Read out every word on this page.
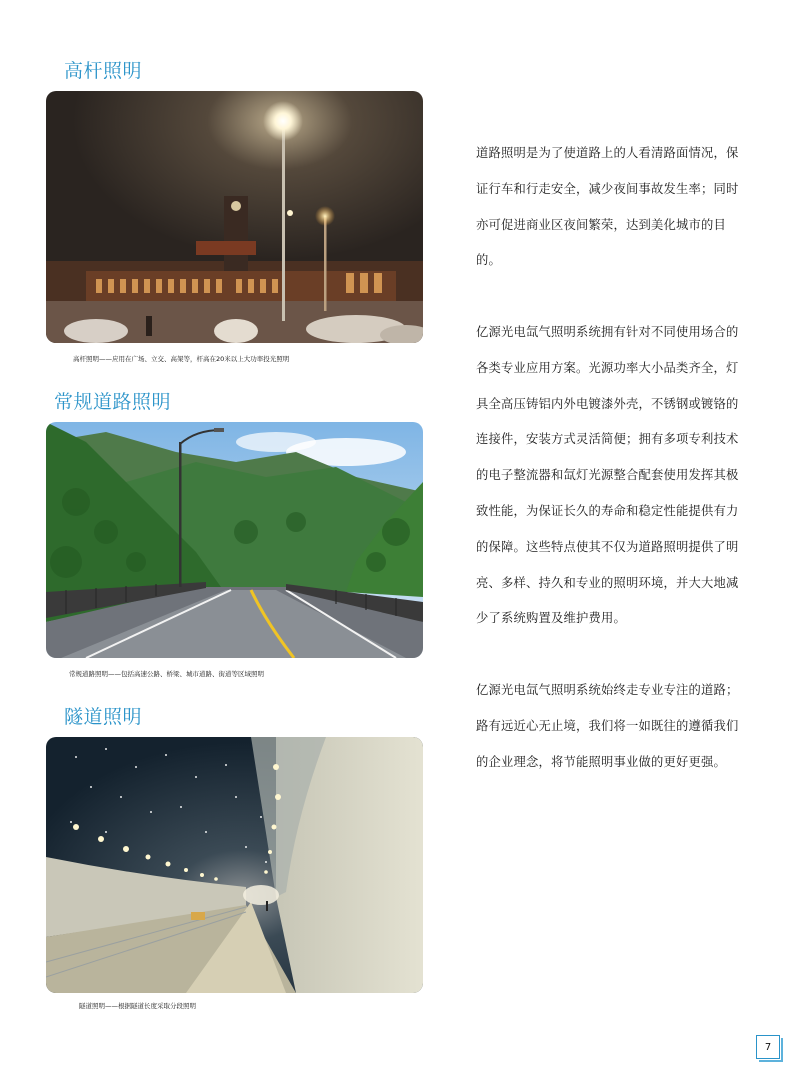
高杆照明
高杆照明——应用在广场、立交、高架等，杆高在20米以上大功率投光照明
常规道路照明
常规道路照明——包括高速公路、桥梁、城市道路、街道等区域照明
隧道照明
隧道照明——根据隧道长度采取分段照明
道路照明是为了使道路上的人看清路面情况，保
证行车和行走安全，减少夜间事故发生率；同时
亦可促进商业区夜间繁荣，达到美化城市的目
的。
亿源光电氙气照明系统拥有针对不同使用场合的
各类专业应用方案。光源功率大小品类齐全，灯
具全高压铸铝内外电镀漆外壳，不锈钢或镀铬的
连接件，安装方式灵活简便；拥有多项专利技术
的电子整流器和氙灯光源整合配套使用发挥其极
致性能，为保证长久的寿命和稳定性能提供有力
的保障。这些特点使其不仅为道路照明提供了明
亮、多样、持久和专业的照明环境，并大大地减
少了系统购置及维护费用。
亿源光电氙气照明系统始终走专业专注的道路；
路有远近心无止境，我们将一如既往的遵循我们
的企业理念，将节能照明事业做的更好更强。
7
